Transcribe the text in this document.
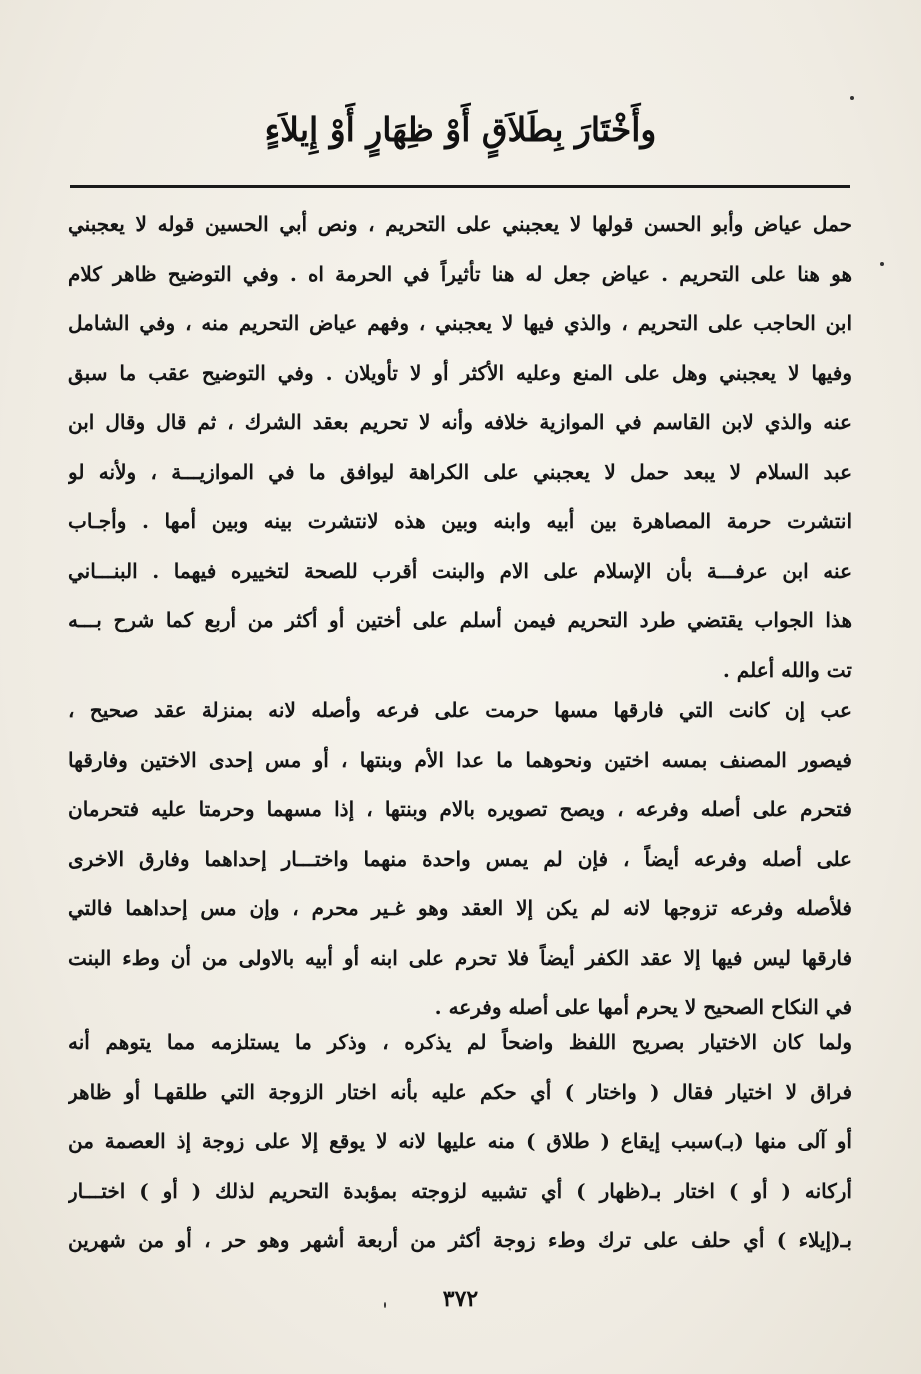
وأَخْتَارَ بِطَلاَقٍ أَوْ ظِهَارٍ أَوْ إِيلاَءٍ
حمل عياض وأبو الحسن قولها لا يعجبني على التحريم ، ونص أبي الحسين قوله لا يعجبني
هو هنا على التحريم . عياض جعل له هنا تأثيراً في الحرمة اه . وفي التوضيح ظاهر كلام
ابن الحاجب على التحريم ، والذي فيها لا يعجبني ، وفهم عياض التحريم منه ، وفي الشامل
وفيها لا يعجبني وهل على المنع وعليه الأكثر أو لا تأويلان . وفي التوضيح عقب ما سبق
عنه والذي لابن القاسم في الموازية خلافه وأنه لا تحريم بعقد الشرك ، ثم قال وقال ابن
عبد السلام لا يبعد حمل لا يعجبني على الكراهة ليوافق ما في الموازيـــة ، ولأنه لو
انتشرت حرمة المصاهرة بين أبيه وابنه وبين هذه لانتشرت بينه وبين أمها . وأجـاب
عنه ابن عرفـــة بأن الإسلام على الام والبنت أقرب للصحة لتخييره فيهما . البنـــاني
هذا الجواب يقتضي طرد التحريم فيمن أسلم على أختين أو أكثر من أربع كما شرح بـــه
تت والله أعلم .
عب إن كانت التي فارقها مسها حرمت على فرعه وأصله لانه بمنزلة عقد صحيح ،
فيصور المصنف بمسه اختين ونحوهما ما عدا الأم وبنتها ، أو مس إحدى الاختين وفارقها
فتحرم على أصله وفرعه ، ويصح تصويره بالام وبنتها ، إذا مسهما وحرمتا عليه فتحرمان
على أصله وفرعه أيضاً ، فإن لم يمس واحدة منهما واختـــار إحداهما وفارق الاخرى
فلأصله وفرعه تزوجها لانه لم يكن إلا العقد وهو غـير محرم ، وإن مس إحداهما فالتي
فارقها ليس فيها إلا عقد الكفر أيضاً فلا تحرم على ابنه أو أبيه بالاولى من أن وطء البنت
في النكاح الصحيح لا يحرم أمها على أصله وفرعه .
ولما كان الاختيار بصريح اللفظ واضحاً لم يذكره ، وذكر ما يستلزمه مما يتوهم أنه
فراق لا اختيار فقال ( واختار ) أي حكم عليه بأنه اختار الزوجة التي طلقهـا أو ظاهر
أو آلى منها (بـ)سبب إيقاع ( طلاق ) منه عليها لانه لا يوقع إلا على زوجة إذ العصمة من
أركانه ( أو ) اختار بـ(ظهار ) أي تشبيه لزوجته بمؤبدة التحريم لذلك ( أو ) اختـــار
بـ(إيلاء ) أي حلف على ترك وطء زوجة أكثر من أربعة أشهر وهو حر ، أو من شهرين
٣٧٢
